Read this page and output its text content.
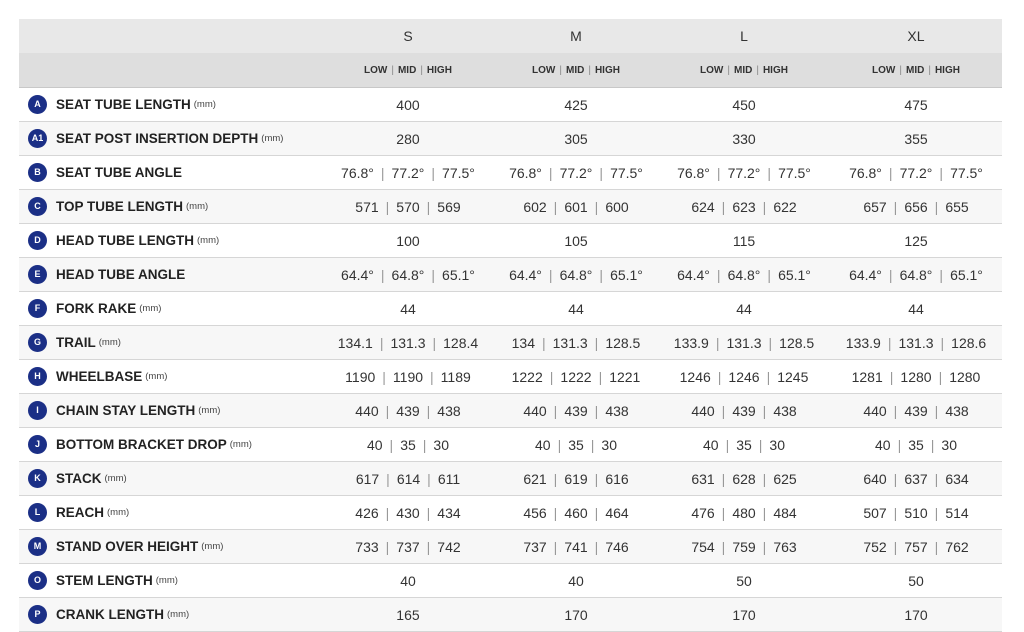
	S	M	L	XL
	LOW | MID | HIGH	LOW | MID | HIGH	LOW | MID | HIGH	LOW | MID | HIGH
A SEAT TUBE LENGTH (mm)	400	425	450	475
A1 SEAT POST INSERTION DEPTH (mm)	280	305	330	355
B SEAT TUBE ANGLE	76.8° | 77.2° | 77.5°	76.8° | 77.2° | 77.5°	76.8° | 77.2° | 77.5°	76.8° | 77.2° | 77.5°
C TOP TUBE LENGTH (mm)	571 | 570 | 569	602 | 601 | 600	624 | 623 | 622	657 | 656 | 655
D HEAD TUBE LENGTH (mm)	100	105	115	125
E HEAD TUBE ANGLE	64.4° | 64.8° | 65.1°	64.4° | 64.8° | 65.1°	64.4° | 64.8° | 65.1°	64.4° | 64.8° | 65.1°
F FORK RAKE (mm)	44	44	44	44
G TRAIL (mm)	134.1 | 131.3 | 128.4	134 | 131.3 | 128.5	133.9 | 131.3 | 128.5	133.9 | 131.3 | 128.6
H WHEELBASE (mm)	1190 | 1190 | 1189	1222 | 1222 | 1221	1246 | 1246 | 1245	1281 | 1280 | 1280
I CHAIN STAY LENGTH (mm)	440 | 439 | 438	440 | 439 | 438	440 | 439 | 438	440 | 439 | 438
J BOTTOM BRACKET DROP (mm)	40 | 35 | 30	40 | 35 | 30	40 | 35 | 30	40 | 35 | 30
K STACK (mm)	617 | 614 | 611	621 | 619 | 616	631 | 628 | 625	640 | 637 | 634
L REACH (mm)	426 | 430 | 434	456 | 460 | 464	476 | 480 | 484	507 | 510 | 514
M STAND OVER HEIGHT (mm)	733 | 737 | 742	737 | 741 | 746	754 | 759 | 763	752 | 757 | 762
O STEM LENGTH (mm)	40	40	50	50
P CRANK LENGTH (mm)	165	170	170	170
